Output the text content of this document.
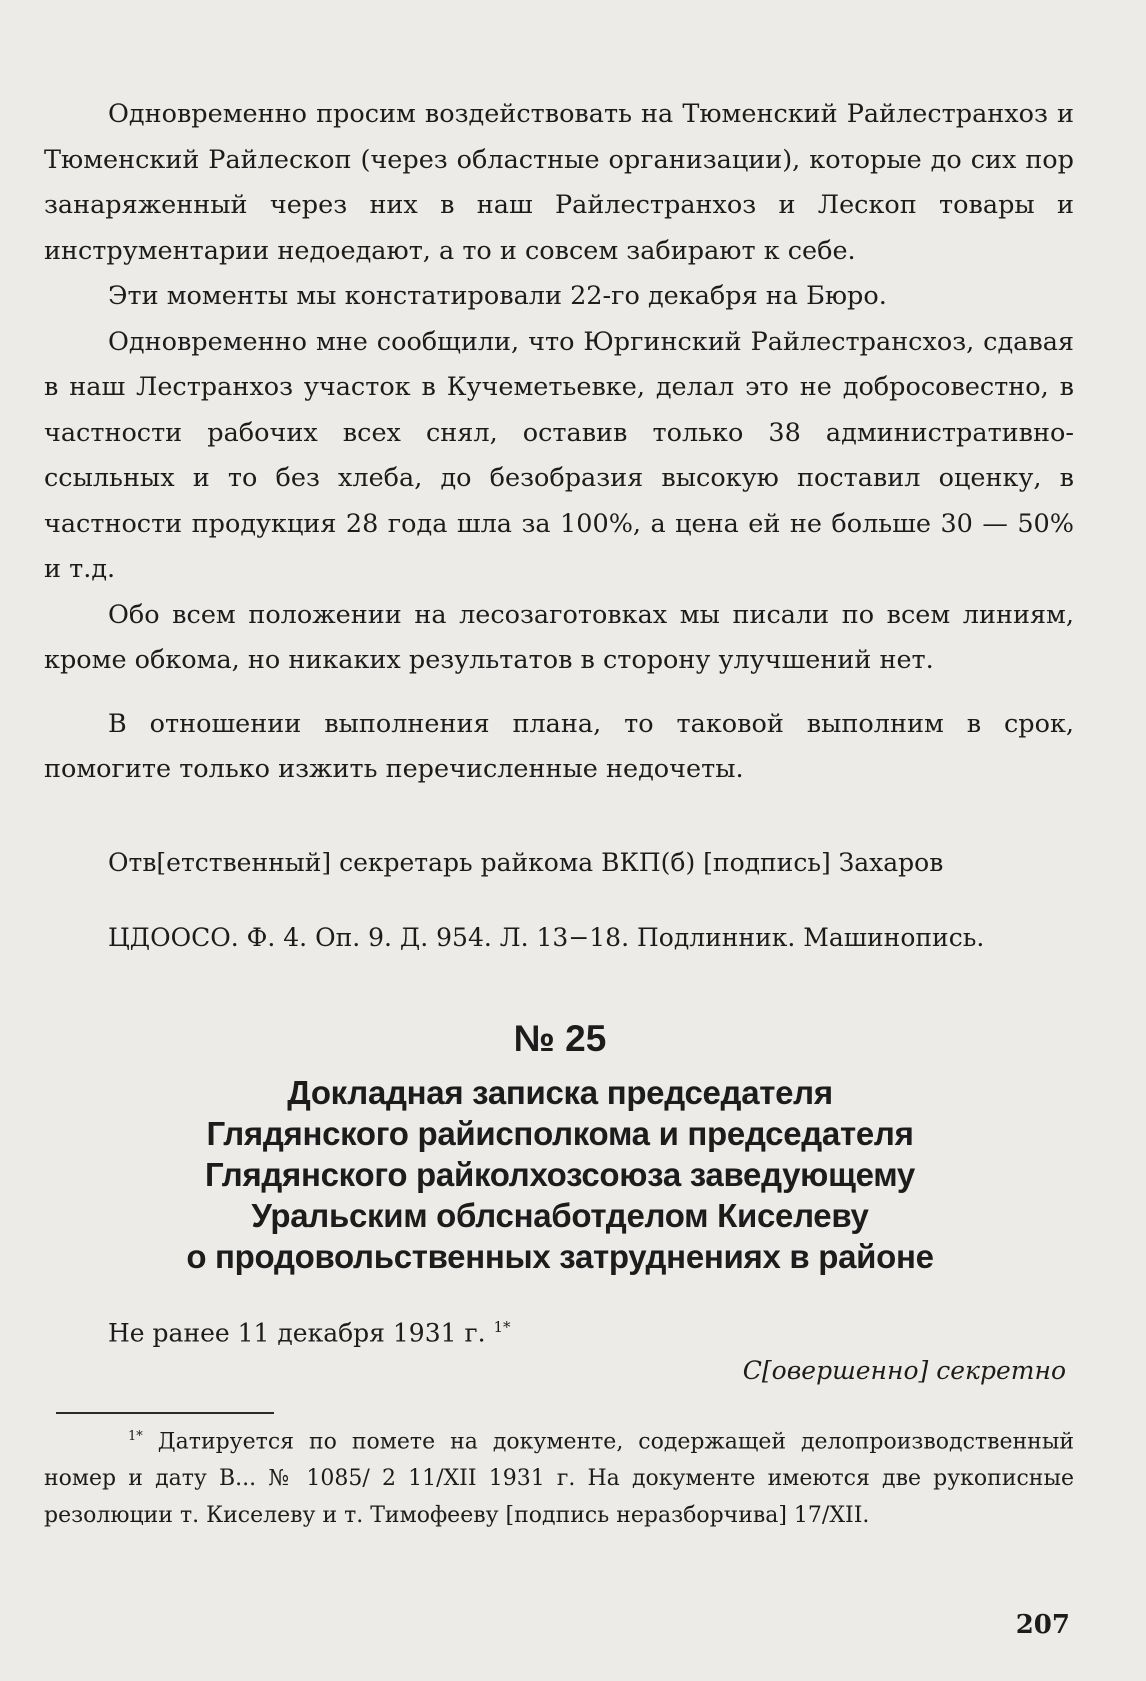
Одновременно просим воздействовать на Тюменский Райлестранхоз и Тюменский Райлескоп (через областные организации), которые до сих пор занаряженный через них в наш Райлестранхоз и Лескоп товары и инструментарии недоедают, а то и совсем забирают к себе.

Эти моменты мы констатировали 22-го декабря на Бюро.

Одновременно мне сообщили, что Юргинский Райлестрансхоз, сдавая в наш Лестранхоз участок в Кучеметьевке, делал это не добросовестно, в частности рабочих всех снял, оставив только 38 административно-ссыльных и то без хлеба, до безобразия высокую поставил оценку, в частности продукция 28 года шла за 100%, а цена ей не больше 30 — 50% и т.д.

Обо всем положении на лесозаготовках мы писали по всем линиям, кроме обкома, но никаких результатов в сторону улучшений нет.

В отношении выполнения плана, то таковой выполним в срок, помогите только изжить перечисленные недочеты.

Отв[етственный] секретарь райкома ВКП(б) [подпись] Захаров
ЦДООСО. Ф. 4. Оп. 9. Д. 954. Л. 13−18. Подлинник. Машинопись.
№ 25
Докладная записка председателя
Глядянского райисполкома и председателя
Глядянского райколхозсоюза заведующему
Уральским облснаботделом Киселеву
о продовольственных затруднениях в районе
Не ранее 11 декабря 1931 г. $^{1*}$
С[овершенно] секретно

$^{1*}$ Датируется по помете на документе, содержащей делопроизводственный номер и дату В... № 1085/ 2 11/XII 1931 г. На документе имеются две рукописные резолюции т. Киселеву и т. Тимофееву [подпись неразборчива] 17/XII.

207
